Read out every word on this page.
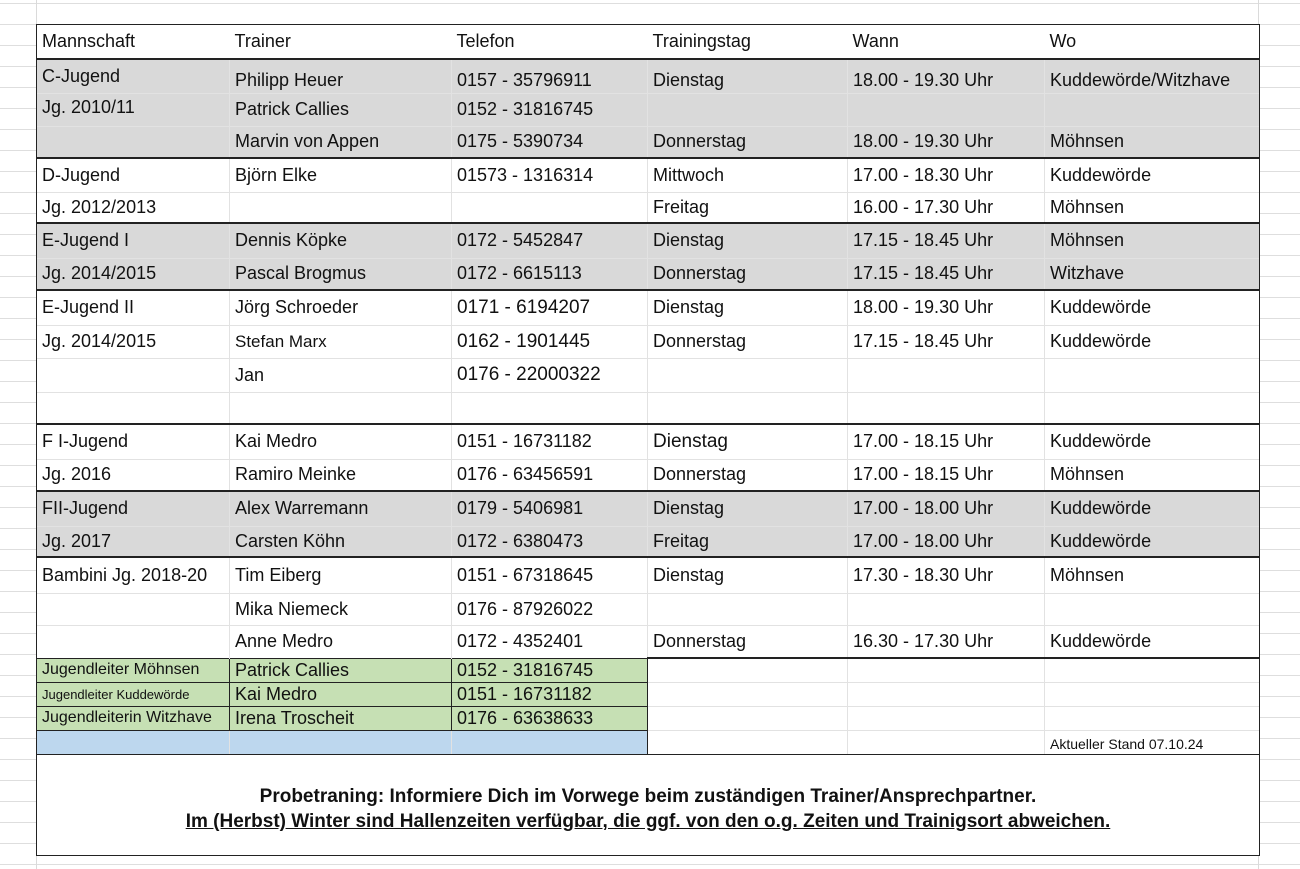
Mannschaft	Trainer	Telefon	Trainingstag	Wann	Wo
C-Jugend	Philipp Heuer	0157 - 35796911	Dienstag	18.00 - 19.30 Uhr	Kuddewörde/Witzhave
Jg. 2010/11	Patrick Callies	0152 - 31816745			
	Marvin von Appen	0175 - 5390734	Donnerstag	18.00 - 19.30 Uhr	Möhnsen
D-Jugend	Björn Elke	01573 - 1316314	Mittwoch	17.00 - 18.30 Uhr	Kuddewörde
Jg. 2012/2013			Freitag	16.00 - 17.30 Uhr	Möhnsen
E-Jugend I	Dennis Köpke	0172 - 5452847	Dienstag	17.15 - 18.45 Uhr	Möhnsen
Jg. 2014/2015	Pascal Brogmus	0172 - 6615113	Donnerstag	17.15 - 18.45 Uhr	Witzhave
E-Jugend II	Jörg Schroeder	0171 - 6194207	Dienstag	18.00 - 19.30 Uhr	Kuddewörde
Jg. 2014/2015	Stefan Marx	0162 - 1901445	Donnerstag	17.15 - 18.45 Uhr	Kuddewörde
	Jan	0176 - 22000322			

F I-Jugend	Kai Medro	0151 - 16731182	Dienstag	17.00 - 18.15 Uhr	Kuddewörde
Jg. 2016	Ramiro Meinke	0176 - 63456591	Donnerstag	17.00 - 18.15 Uhr	Möhnsen
FII-Jugend	Alex Warremann	0179 - 5406981	Dienstag	17.00 - 18.00 Uhr	Kuddewörde
Jg. 2017	Carsten Köhn	0172 - 6380473	Freitag	17.00 - 18.00 Uhr	Kuddewörde
Bambini Jg. 2018-20	Tim Eiberg	0151 - 67318645	Dienstag	17.30 - 18.30 Uhr	Möhnsen
	Mika Niemeck	0176 - 87926022			
	Anne Medro	0172 - 4352401	Donnerstag	16.30 - 17.30 Uhr	Kuddewörde
Jugendleiter Möhnsen	Patrick Callies	0152 - 31816745			
Jugendleiter Kuddewörde	Kai Medro	0151 - 16731182			
Jugendleiterin Witzhave	Irena Troscheit	0176 - 63638633			
					Aktueller Stand 07.10.24

Probetraning: Informiere Dich im Vorwege beim zuständigen Trainer/Ansprechpartner.
Im (Herbst) Winter sind Hallenzeiten verfügbar, die ggf. von den o.g. Zeiten und Trainigsort abweichen.					
